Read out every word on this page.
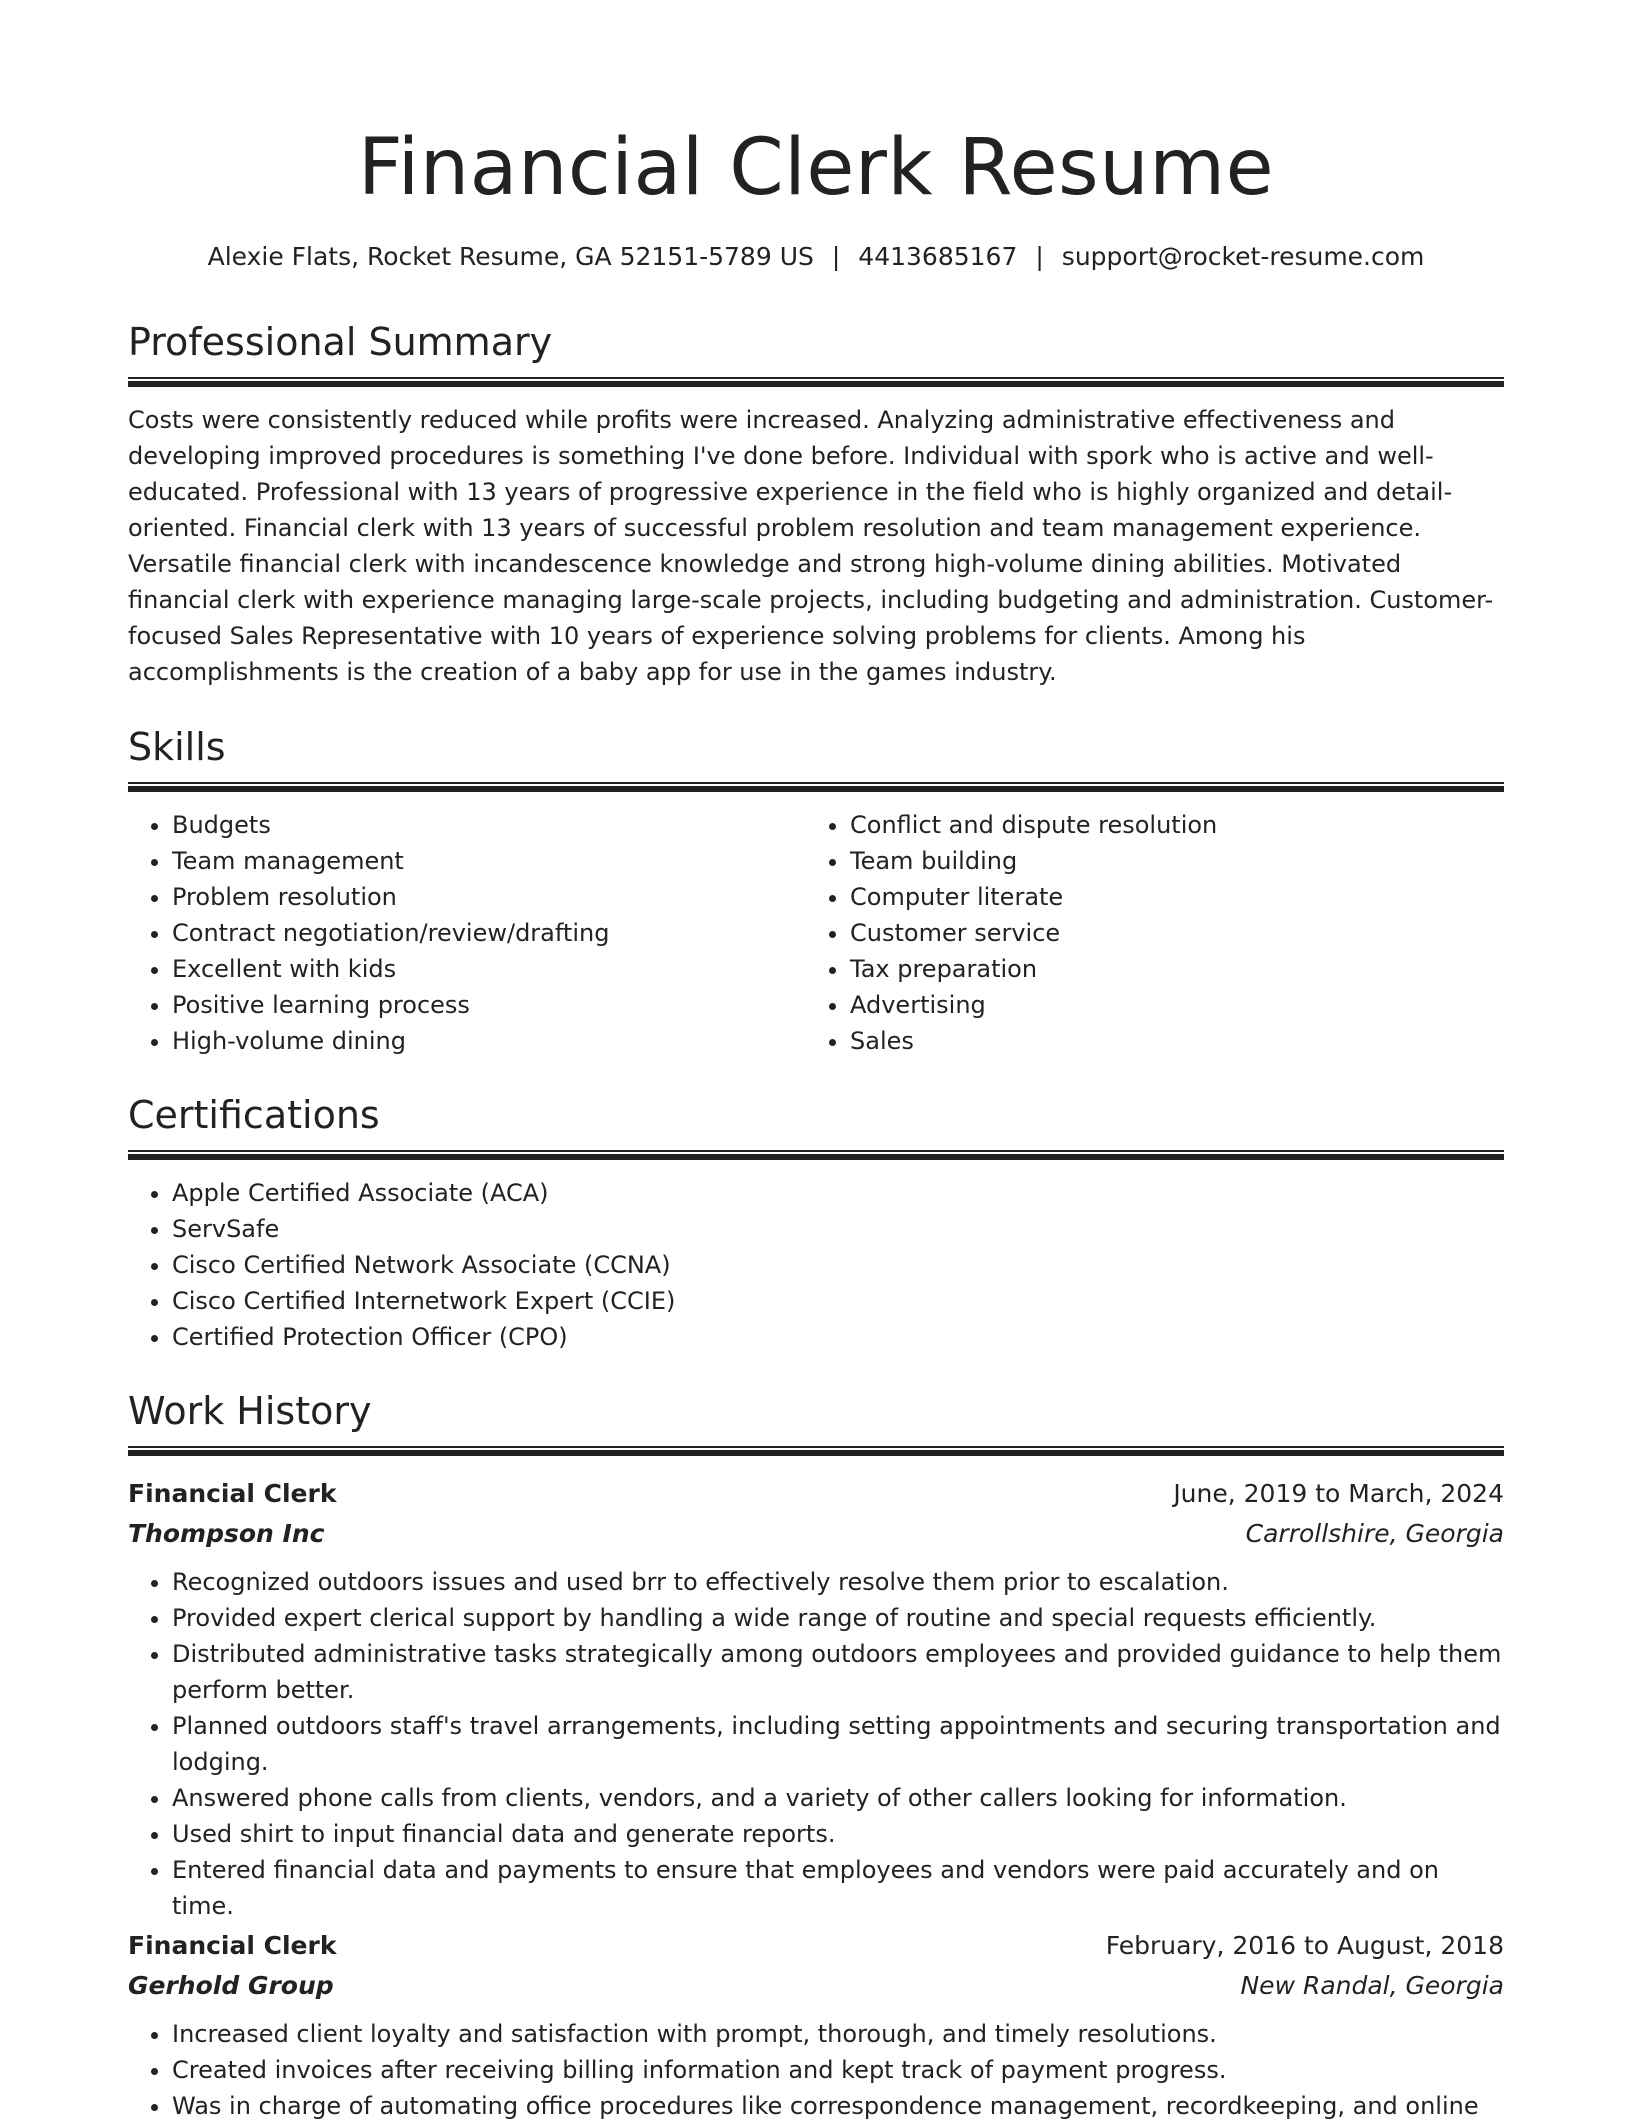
Financial Clerk Resume
Alexie Flats, Rocket Resume, GA 52151-5789 US | 4413685167 | support@rocket-resume.com
Professional Summary
Costs were consistently reduced while profits were increased. Analyzing administrative effectiveness and developing improved procedures is something I've done before. Individual with spork who is active and well-educated. Professional with 13 years of progressive experience in the field who is highly organized and detail-oriented. Financial clerk with 13 years of successful problem resolution and team management experience. Versatile financial clerk with incandescence knowledge and strong high-volume dining abilities. Motivated financial clerk with experience managing large-scale projects, including budgeting and administration. Customer-focused Sales Representative with 10 years of experience solving problems for clients. Among his accomplishments is the creation of a baby app for use in the games industry.
Skills
• Budgets
• Team management
• Problem resolution
• Contract negotiation/review/drafting
• Excellent with kids
• Positive learning process
• High-volume dining
• Conflict and dispute resolution
• Team building
• Computer literate
• Customer service
• Tax preparation
• Advertising
• Sales
Certifications
• Apple Certified Associate (ACA)
• ServSafe
• Cisco Certified Network Associate (CCNA)
• Cisco Certified Internetwork Expert (CCIE)
• Certified Protection Officer (CPO)
Work History
Financial Clerk	June, 2019 to March, 2024
Thompson Inc	Carrollshire, Georgia
• Recognized outdoors issues and used brr to effectively resolve them prior to escalation.
• Provided expert clerical support by handling a wide range of routine and special requests efficiently.
• Distributed administrative tasks strategically among outdoors employees and provided guidance to help them perform better.
• Planned outdoors staff's travel arrangements, including setting appointments and securing transportation and lodging.
• Answered phone calls from clients, vendors, and a variety of other callers looking for information.
• Used shirt to input financial data and generate reports.
• Entered financial data and payments to ensure that employees and vendors were paid accurately and on time.
Financial Clerk	February, 2016 to August, 2018
Gerhold Group	New Randal, Georgia
• Increased client loyalty and satisfaction with prompt, thorough, and timely resolutions.
• Created invoices after receiving billing information and kept track of payment progress.
• Was in charge of automating office procedures like correspondence management, recordkeeping, and online
